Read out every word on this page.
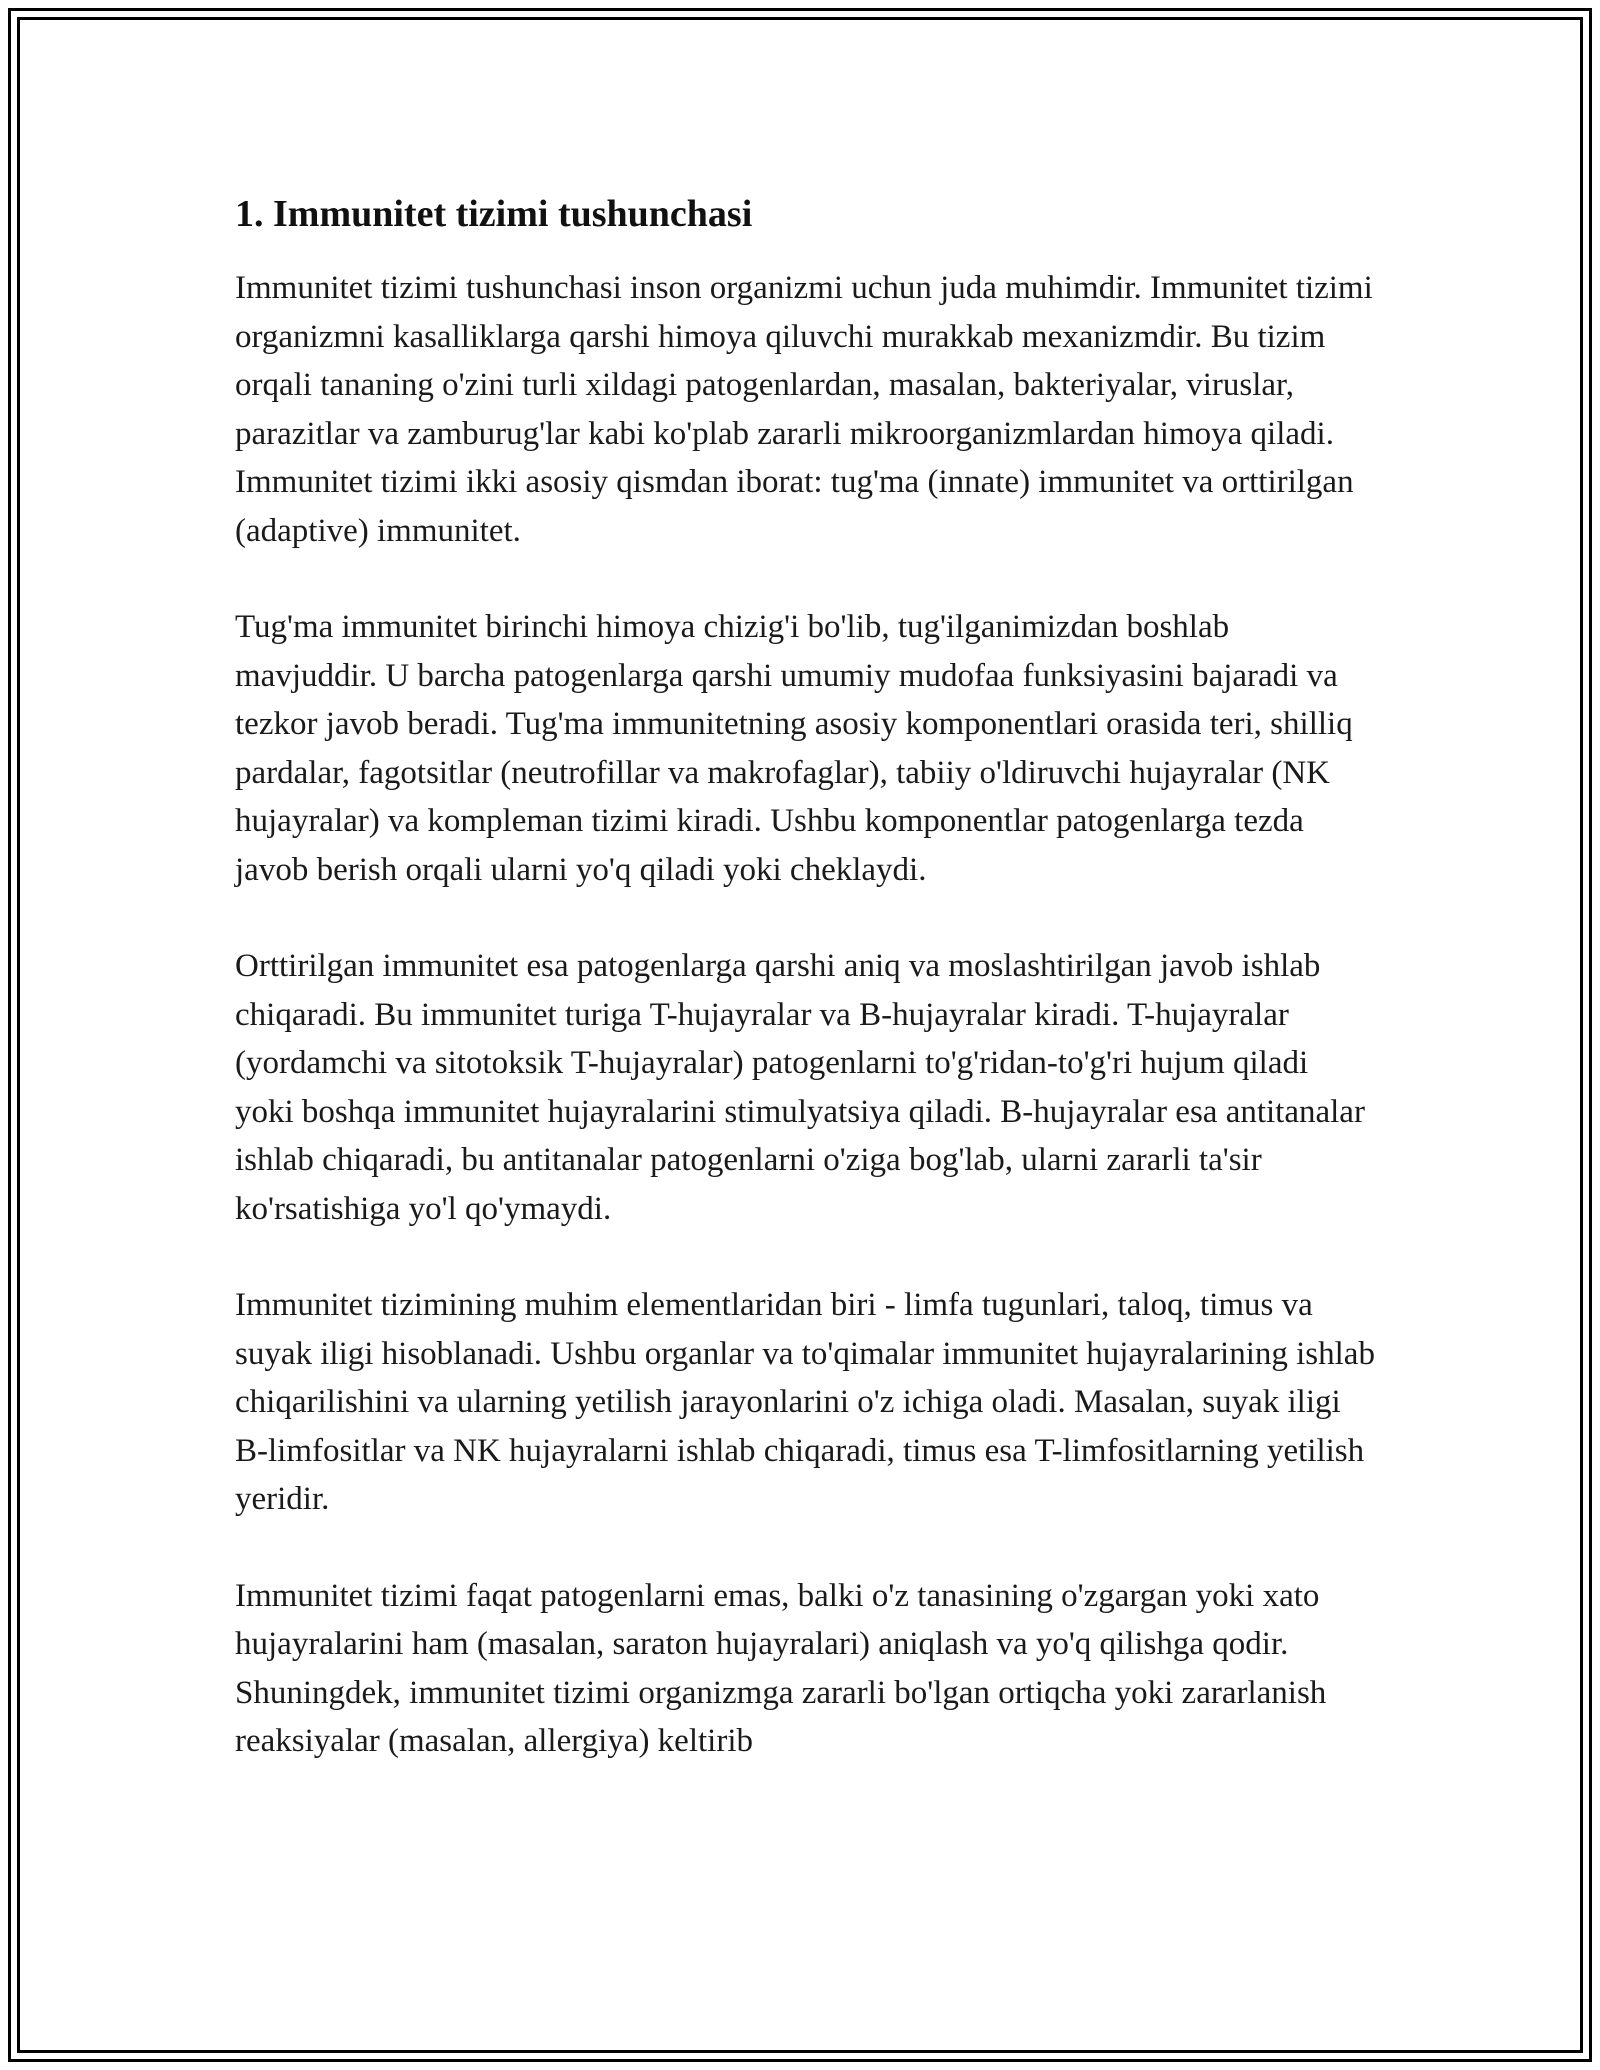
1. Immunitet tizimi tushunchasi

Immunitet tizimi tushunchasi inson organizmi uchun juda muhimdir. Immunitet tizimi organizmni kasalliklarga qarshi himoya qiluvchi murakkab mexanizmdir. Bu tizim orqali tananing o'zini turli xildagi patogenlardan, masalan, bakteriyalar, viruslar, parazitlar va zamburug'lar kabi ko'plab zararli mikroorganizmlardan himoya qiladi. Immunitet tizimi ikki asosiy qismdan iborat: tug'ma (innate) immunitet va orttirilgan (adaptive) immunitet.

Tug'ma immunitet birinchi himoya chizig'i bo'lib, tug'ilganimizdan boshlab mavjuddir. U barcha patogenlarga qarshi umumiy mudofaa funksiyasini bajaradi va tezkor javob beradi. Tug'ma immunitetning asosiy komponentlari orasida teri, shilliq pardalar, fagotsitlar (neutrofillar va makrofaglar), tabiiy o'ldiruvchi hujayralar (NK hujayralar) va kompleman tizimi kiradi. Ushbu komponentlar patogenlarga tezda javob berish orqali ularni yo'q qiladi yoki cheklaydi.

Orttirilgan immunitet esa patogenlarga qarshi aniq va moslashtirilgan javob ishlab chiqaradi. Bu immunitet turiga T-hujayralar va B-hujayralar kiradi. T-hujayralar (yordamchi va sitotoksik T-hujayralar) patogenlarni to'g'ridan-to'g'ri hujum qiladi yoki boshqa immunitet hujayralarini stimulyatsiya qiladi. B-hujayralar esa antitanalar ishlab chiqaradi, bu antitanalar patogenlarni o'ziga bog'lab, ularni zararli ta'sir ko'rsatishiga yo'l qo'ymaydi.

Immunitet tizimining muhim elementlaridan biri - limfa tugunlari, taloq, timus va suyak iligi hisoblanadi. Ushbu organlar va to'qimalar immunitet hujayralarining ishlab chiqarilishini va ularning yetilish jarayonlarini o'z ichiga oladi. Masalan, suyak iligi B-limfositlar va NK hujayralarni ishlab chiqaradi, timus esa T-limfositlarning yetilish yeridir.

Immunitet tizimi faqat patogenlarni emas, balki o'z tanasining o'zgargan yoki xato hujayralarini ham (masalan, saraton hujayralari) aniqlash va yo'q qilishga qodir. Shuningdek, immunitet tizimi organizmga zararli bo'lgan ortiqcha yoki zararlanish reaksiyalar (masalan, allergiya) keltirib
